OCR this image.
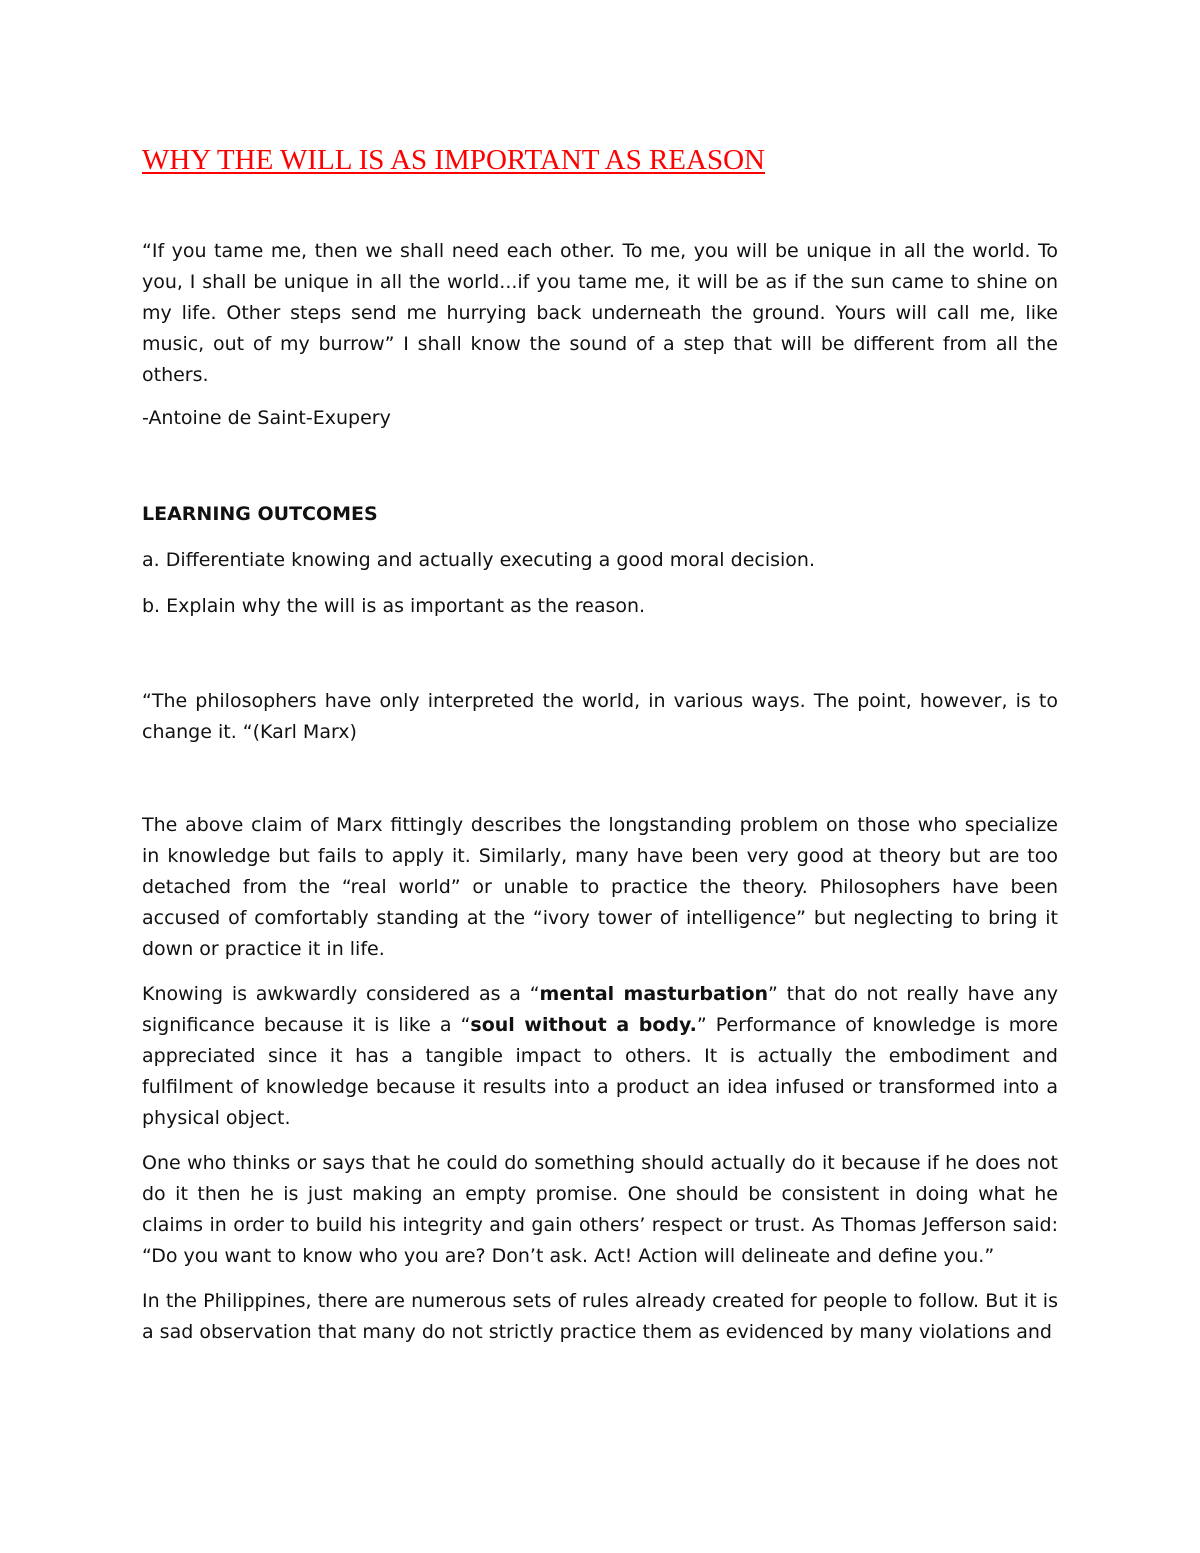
WHY THE WILL IS AS IMPORTANT AS REASON

“If you tame me, then we shall need each other. To me, you will be unique in all the world. To you, I shall be unique in all the world...if you tame me, it will be as if the sun came to shine on my life. Other steps send me hurrying back underneath the ground. Yours will call me, like music, out of my burrow” I shall know the sound of a step that will be different from all the others.

-Antoine de Saint-Exupery

LEARNING OUTCOMES

a. Differentiate knowing and actually executing a good moral decision.

b. Explain why the will is as important as the reason.

“The philosophers have only interpreted the world, in various ways. The point, however, is to change it. “(Karl Marx)

The above claim of Marx fittingly describes the longstanding problem on those who specialize in knowledge but fails to apply it. Similarly, many have been very good at theory but are too detached from the “real world” or unable to practice the theory. Philosophers have been accused of comfortably standing at the “ivory tower of intelligence” but neglecting to bring it down or practice it in life.

Knowing is awkwardly considered as a “mental masturbation” that do not really have any significance because it is like a “soul without a body.” Performance of knowledge is more appreciated since it has a tangible impact to others. It is actually the embodiment and fulfilment of knowledge because it results into a product an idea infused or transformed into a physical object.

One who thinks or says that he could do something should actually do it because if he does not do it then he is just making an empty promise. One should be consistent in doing what he claims in order to build his integrity and gain others’ respect or trust. As Thomas Jefferson said: “Do you want to know who you are? Don’t ask. Act! Action will delineate and define you.”

In the Philippines, there are numerous sets of rules already created for people to follow. But it is a sad observation that many do not strictly practice them as evidenced by many violations and
